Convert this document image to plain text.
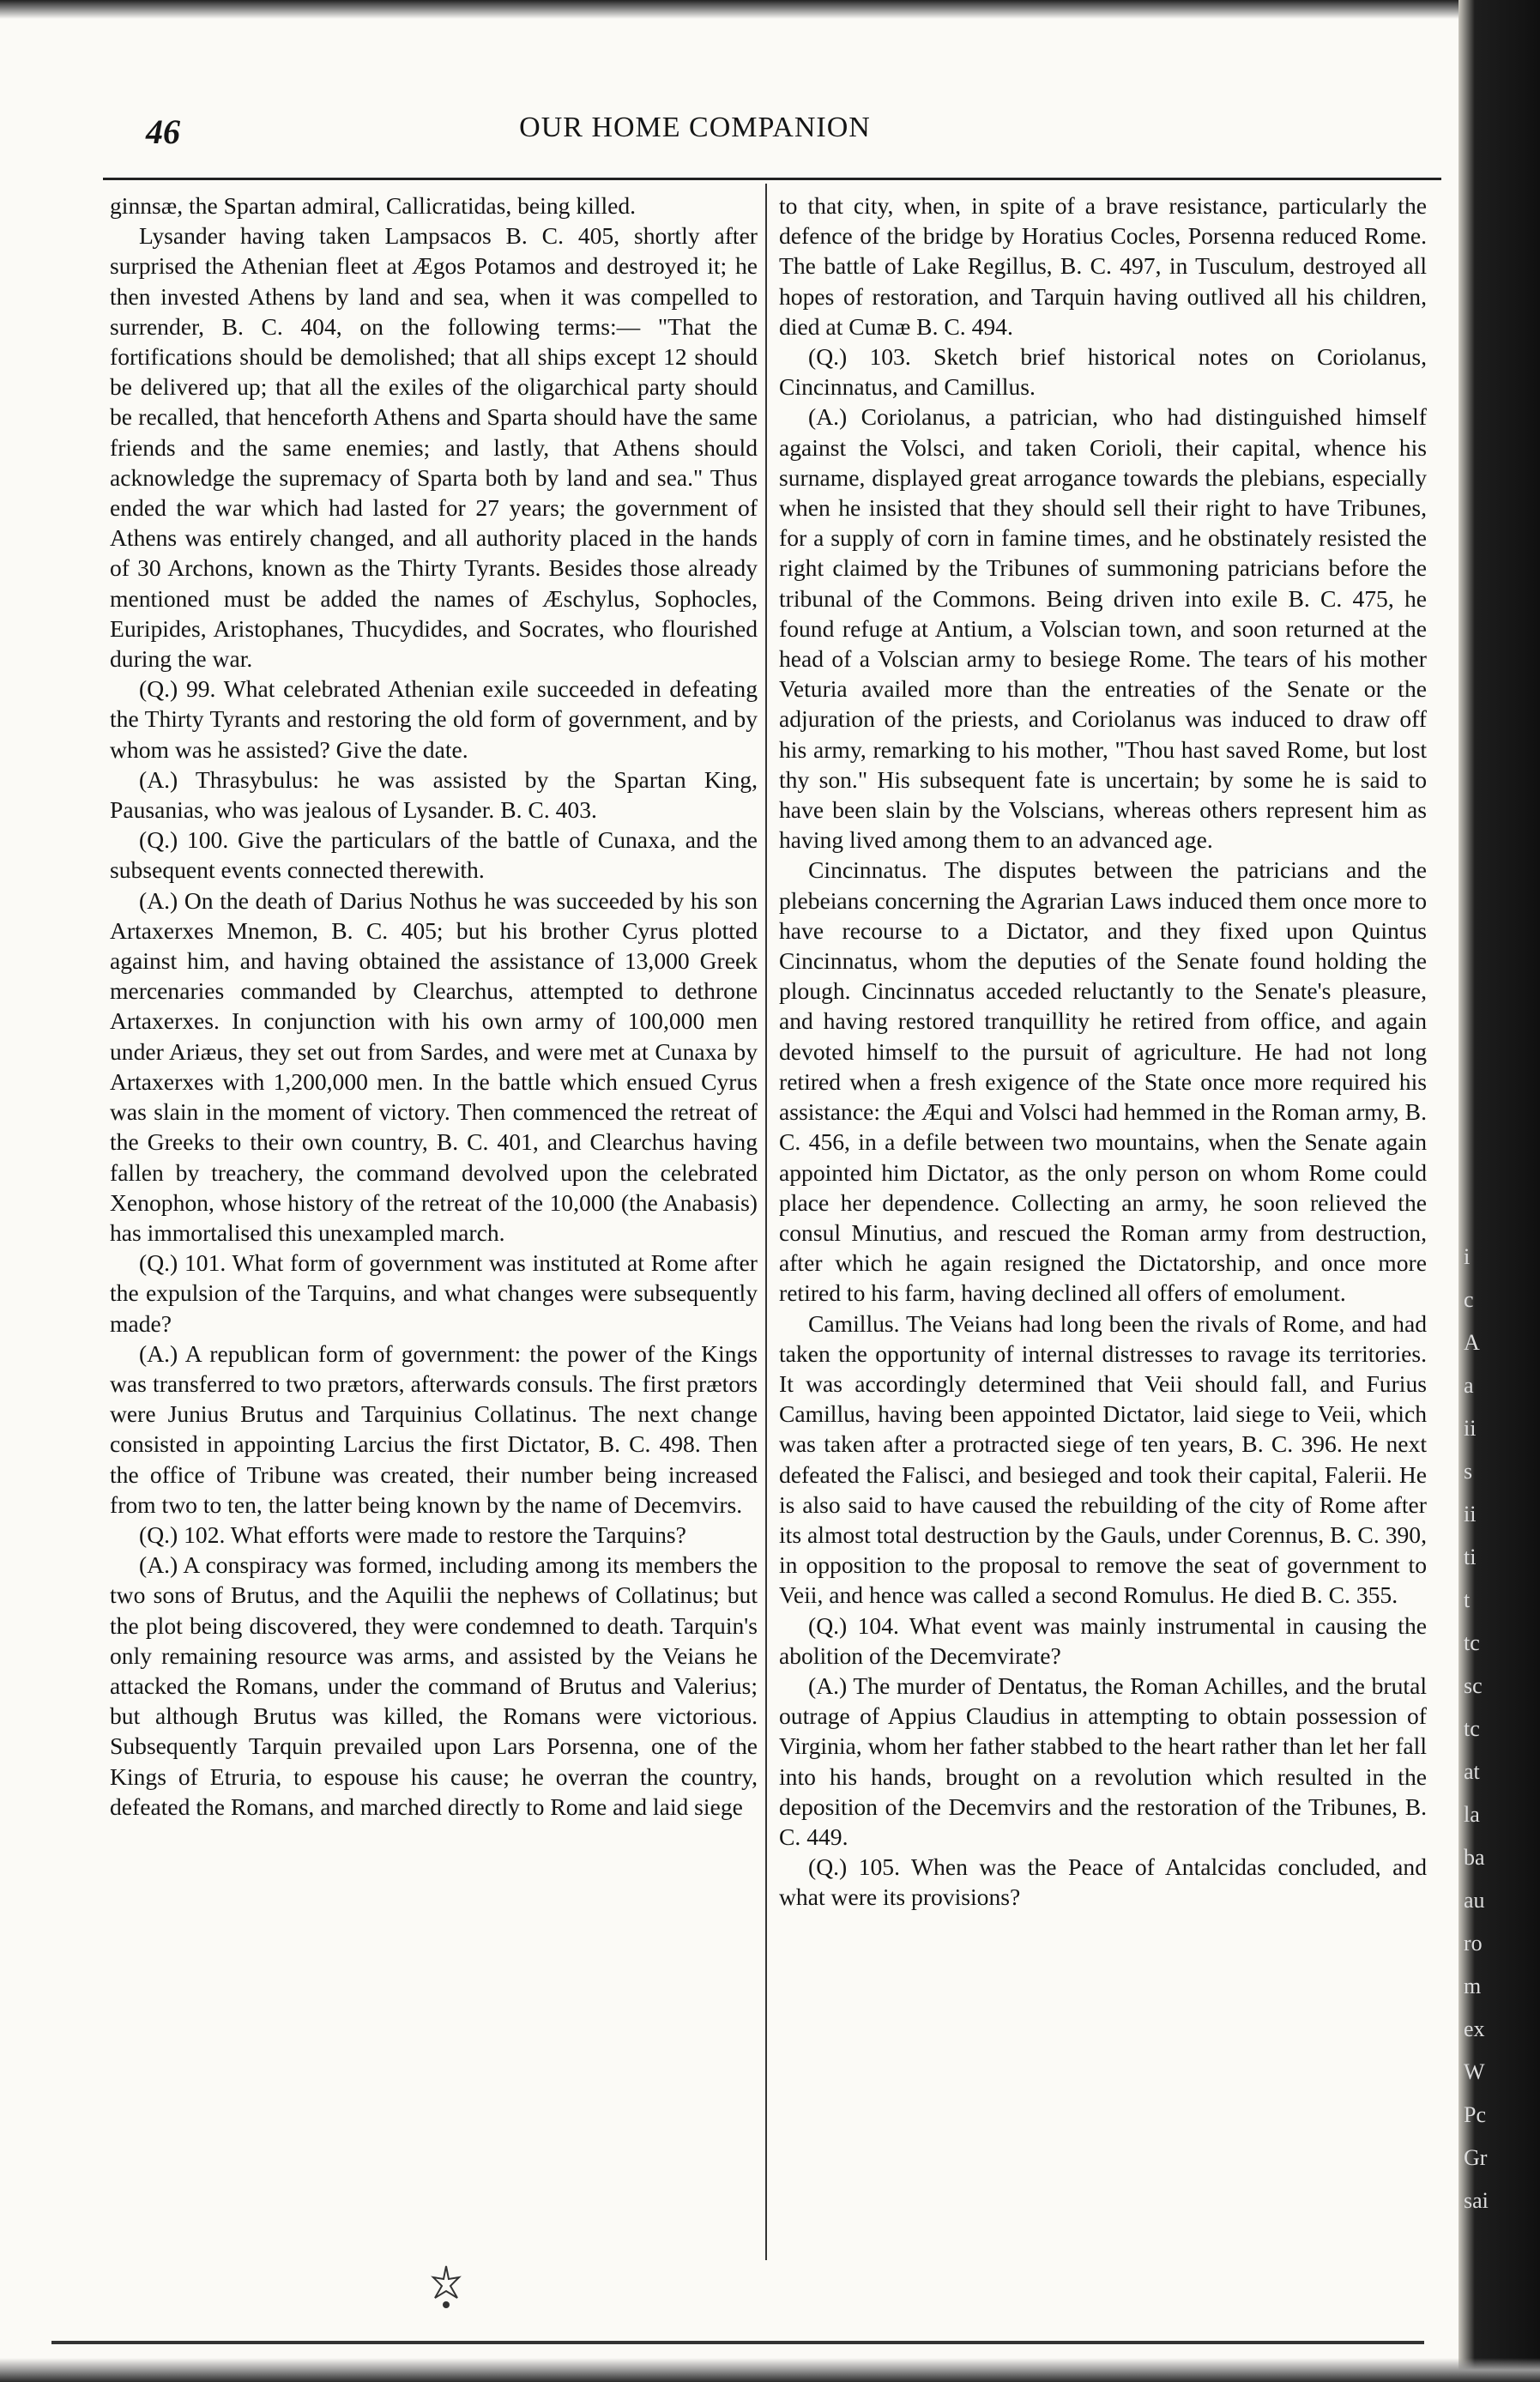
46	OUR HOME COMPANION

ginnsæ, the Spartan admiral, Callicratidas, being killed.

Lysander having taken Lampsacos B. C. 405, shortly after surprised the Athenian fleet at Ægos Potamos and destroyed it; he then invested Athens by land and sea, when it was compelled to surrender, B. C. 404, on the following terms:— "That the fortifications should be demolished; that all ships except 12 should be delivered up; that all the exiles of the oligarchical party should be recalled, that henceforth Athens and Sparta should have the same friends and the same enemies; and lastly, that Athens should acknowledge the supremacy of Sparta both by land and sea." Thus ended the war which had lasted for 27 years; the government of Athens was entirely changed, and all authority placed in the hands of 30 Archons, known as the Thirty Tyrants. Besides those already mentioned must be added the names of Æschylus, Sophocles, Euripides, Aristophanes, Thucydides, and Socrates, who flourished during the war.

(Q.) 99. What celebrated Athenian exile succeeded in defeating the Thirty Tyrants and restoring the old form of government, and by whom was he assisted? Give the date.

(A.) Thrasybulus: he was assisted by the Spartan King, Pausanias, who was jealous of Lysander. B. C. 403.

(Q.) 100. Give the particulars of the battle of Cunaxa, and the subsequent events connected therewith.

(A.) On the death of Darius Nothus he was succeeded by his son Artaxerxes Mnemon, B. C. 405; but his brother Cyrus plotted against him, and having obtained the assistance of 13,000 Greek mercenaries commanded by Clearchus, attempted to dethrone Artaxerxes. In conjunction with his own army of 100,000 men under Ariæus, they set out from Sardes, and were met at Cunaxa by Artaxerxes with 1,200,000 men. In the battle which ensued Cyrus was slain in the moment of victory. Then commenced the retreat of the Greeks to their own country, B. C. 401, and Clearchus having fallen by treachery, the command devolved upon the celebrated Xenophon, whose history of the retreat of the 10,000 (the Anabasis) has immortalised this unexampled march.

(Q.) 101. What form of government was instituted at Rome after the expulsion of the Tarquins, and what changes were subsequently made?

(A.) A republican form of government: the power of the Kings was transferred to two prætors, afterwards consuls. The first prætors were Junius Brutus and Tarquinius Collatinus. The next change consisted in appointing Larcius the first Dictator, B. C. 498. Then the office of Tribune was created, their number being increased from two to ten, the latter being known by the name of Decemvirs.

(Q.) 102. What efforts were made to restore the Tarquins?

(A.) A conspiracy was formed, including among its members the two sons of Brutus, and the Aquilii the nephews of Collatinus; but the plot being discovered, they were condemned to death. Tarquin's only remaining resource was arms, and assisted by the Veians he attacked the Romans, under the command of Brutus and Valerius; but although Brutus was killed, the Romans were victorious. Subsequently Tarquin prevailed upon Lars Porsenna, one of the Kings of Etruria, to espouse his cause; he overran the country, defeated the Romans, and marched directly to Rome and laid siege

to that city, when, in spite of a brave resistance, particularly the defence of the bridge by Horatius Cocles, Porsenna reduced Rome. The battle of Lake Regillus, B. C. 497, in Tusculum, destroyed all hopes of restoration, and Tarquin having outlived all his children, died at Cumæ B. C. 494.

(Q.) 103. Sketch brief historical notes on Coriolanus, Cincinnatus, and Camillus.

(A.) Coriolanus, a patrician, who had distinguished himself against the Volsci, and taken Corioli, their capital, whence his surname, displayed great arrogance towards the plebians, especially when he insisted that they should sell their right to have Tribunes, for a supply of corn in famine times, and he obstinately resisted the right claimed by the Tribunes of summoning patricians before the tribunal of the Commons. Being driven into exile B. C. 475, he found refuge at Antium, a Volscian town, and soon returned at the head of a Volscian army to besiege Rome. The tears of his mother Veturia availed more than the entreaties of the Senate or the adjuration of the priests, and Coriolanus was induced to draw off his army, remarking to his mother, "Thou hast saved Rome, but lost thy son." His subsequent fate is uncertain; by some he is said to have been slain by the Volscians, whereas others represent him as having lived among them to an advanced age.

Cincinnatus. The disputes between the patricians and the plebeians concerning the Agrarian Laws induced them once more to have recourse to a Dictator, and they fixed upon Quintus Cincinnatus, whom the deputies of the Senate found holding the plough. Cincinnatus acceded reluctantly to the Senate's pleasure, and having restored tranquillity he retired from office, and again devoted himself to the pursuit of agriculture. He had not long retired when a fresh exigence of the State once more required his assistance: the Æqui and Volsci had hemmed in the Roman army, B. C. 456, in a defile between two mountains, when the Senate again appointed him Dictator, as the only person on whom Rome could place her dependence. Collecting an army, he soon relieved the consul Minutius, and rescued the Roman army from destruction, after which he again resigned the Dictatorship, and once more retired to his farm, having declined all offers of emolument.

Camillus. The Veians had long been the rivals of Rome, and had taken the opportunity of internal distresses to ravage its territories. It was accordingly determined that Veii should fall, and Furius Camillus, having been appointed Dictator, laid siege to Veii, which was taken after a protracted siege of ten years, B. C. 396. He next defeated the Falisci, and besieged and took their capital, Falerii. He is also said to have caused the rebuilding of the city of Rome after its almost total destruction by the Gauls, under Corennus, B. C. 390, in opposition to the proposal to remove the seat of government to Veii, and hence was called a second Romulus. He died B. C. 355.

(Q.) 104. What event was mainly instrumental in causing the abolition of the Decemvirate?

(A.) The murder of Dentatus, the Roman Achilles, and the brutal outrage of Appius Claudius in attempting to obtain possession of Virginia, whom her father stabbed to the heart rather than let her fall into his hands, brought on a revolution which resulted in the deposition of the Decemvirs and the restoration of the Tribunes, B. C. 449.

(Q.) 105. When was the Peace of Antalcidas concluded, and what were its provisions?

i
c
A
a
ii
s
ii
ti
t
tc
sc
tc
at
la
ba
au
ro
m
ex
W
Pc
Gr
sai
